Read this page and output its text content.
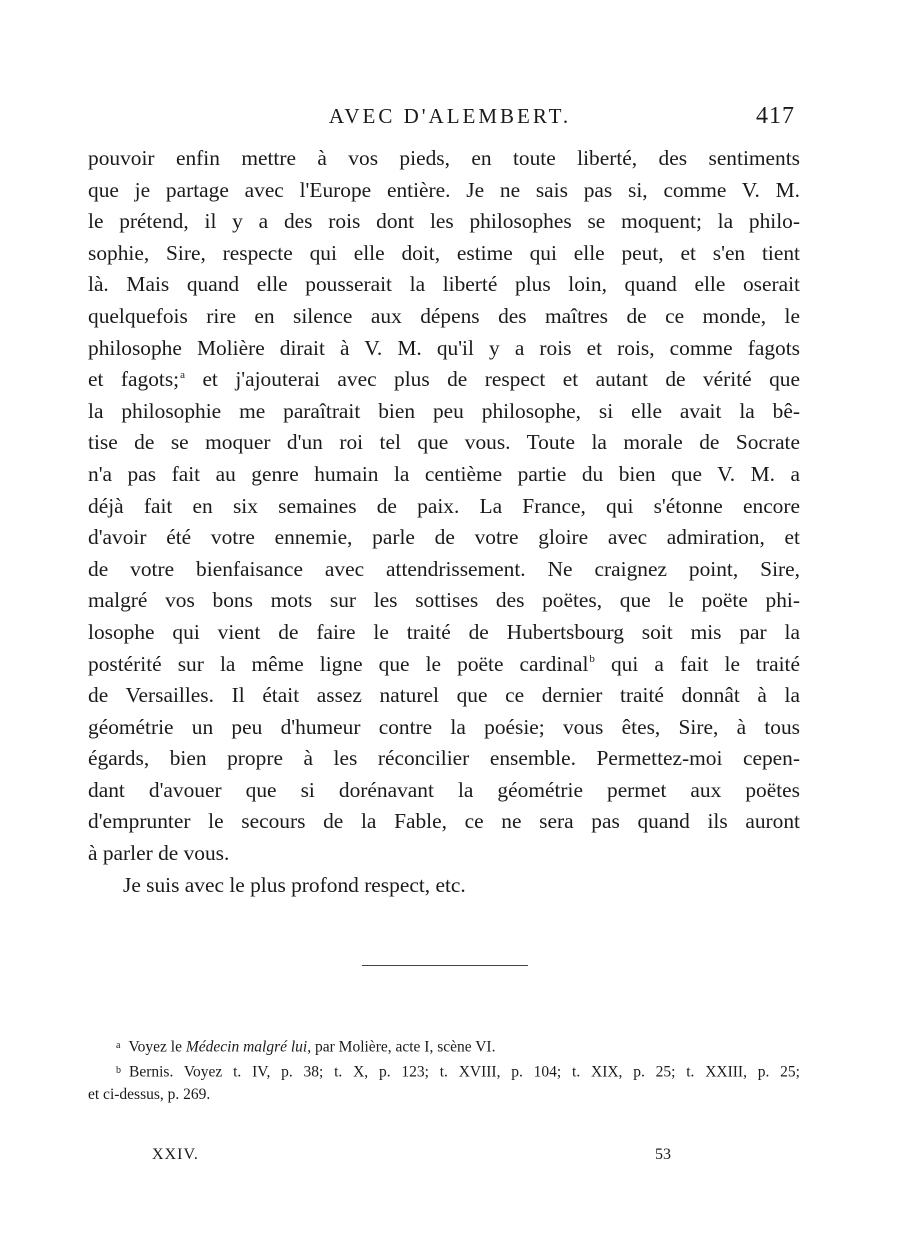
AVEC D'ALEMBERT.	417

pouvoir enfin mettre à vos pieds, en toute liberté, des sentiments

que je partage avec l'Europe entière. Je ne sais pas si, comme V. M.

le prétend, il y a des rois dont les philosophes se moquent; la philo-

sophie, Sire, respecte qui elle doit, estime qui elle peut, et s'en tient

là. Mais quand elle pousserait la liberté plus loin, quand elle oserait

quelquefois rire en silence aux dépens des maîtres de ce monde, le

philosophe Molière dirait à V. M. qu'il y a rois et rois, comme fagots

et fagots;$^a$ et j'ajouterai avec plus de respect et autant de vérité que

la philosophie me paraîtrait bien peu philosophe, si elle avait la bê-

tise de se moquer d'un roi tel que vous. Toute la morale de Socrate

n'a pas fait au genre humain la centième partie du bien que V. M. a

déjà fait en six semaines de paix. La France, qui s'étonne encore

d'avoir été votre ennemie, parle de votre gloire avec admiration, et

de votre bienfaisance avec attendrissement. Ne craignez point, Sire,

malgré vos bons mots sur les sottises des poëtes, que le poëte phi-

losophe qui vient de faire le traité de Hubertsbourg soit mis par la

postérité sur la même ligne que le poëte cardinal$^b$ qui a fait le traité

de Versailles. Il était assez naturel que ce dernier traité donnât à la

géométrie un peu d'humeur contre la poésie; vous êtes, Sire, à tous

égards, bien propre à les réconcilier ensemble. Permettez-moi cepen-

dant d'avouer que si dorénavant la géométrie permet aux poëtes

d'emprunter le secours de la Fable, ce ne sera pas quand ils auront

à parler de vous.

Je suis avec le plus profond respect, etc.

$^a$ Voyez le Médecin malgré lui, par Molière, acte I, scène VI.

$^b$ Bernis. Voyez t. IV, p. 38; t. X, p. 123; t. XVIII, p. 104; t. XIX, p. 25; t. XXIII, p. 25;

et ci-dessus, p. 269.

XXIV.	53
